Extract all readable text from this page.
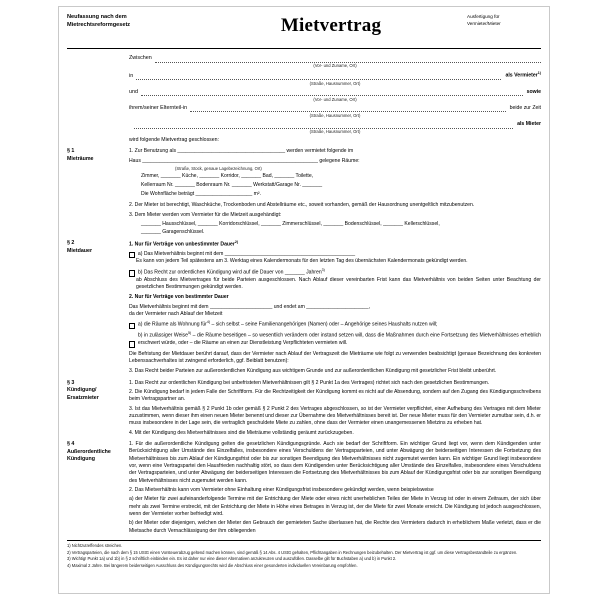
Neufassung nach dem
Mietrechtsreformgesetz	Mietvertrag	Ausfertigung für
Vermieter/Mieter

Zwischen
(Vor- und Zuname, Ort)
in	als Vermieter$^{1)}$
(Straße, Hausnummer, Ort)
und	sowie
(Vor- und Zuname, Ort)
ihrem/seiner Elternteil-in	beide zur Zeit
(Straße, Hausnummer, Ort)

als Mieter
(Straße, Hausnummer, Ort)
wird folgende Mietvertrag geschlossen:
§ 1
Mieträume
1. Zur Benutzung als ______________________________________ werden vermietet folgende im
Haus ______________________________________________________________ gelegene Räume:
(Straße, Stock, genaue Lagebezeichnung, Ort)
Zimmer, _______ Küche, _______ Korridor, _______ Bad, _______ Toilette,
Kellerraum Nr. _______ Bodenraum Nr. _______ Werkstatt/Garage Nr. _______
Die Wohnfläche beträgt ____________________ m².
2. Der Mieter ist berechtigt, Waschküche, Trockenboden und Abstellräume etc., soweit vorhanden, gemäß der Hausordnung unentgeltlich mitzubenutzen.
3. Dem Mieter werden vom Vermieter für die Mietzeit ausgehändigt:
_______ Hausschlüssel, _______ Korridorschlüssel, _______ Zimmerschlüssel, _______ Bodenschlüssel, _______ Kellerschlüssel,
_______ Garagenschlüssel.
§ 2
Mietdauer
1. Nur für Verträge von unbestimmter Dauer$^{2)}$
a) Das Mietverhältnis beginnt mit dem ______________________________________________
Es kann von jedem Teil spätestens am 3. Werktag eines Kalendermonats für den letzten Tag des übernächsten Kalendermonats gekündigt werden.
b) Das Recht zur ordentlichen Kündigung wird auf die Dauer von _______ Jahren$^{3)}$
ab Abschluss des Mietvertrages für beide Parteien ausgeschlossen. Nach Ablauf dieser vereinbarten Frist kann das Mietverhältnis von beiden Seiten unter Beachtung der gesetzlichen Bestimmungen gekündigt werden.
2. Nur für Verträge von bestimmter Dauer
Das Mietverhältnis beginnt mit dem ______________________ und endet am ______________________,
da der Vermieter nach Ablauf der Mietzeit
a) die Räume als Wohnung für$^{4)}$ – sich selbst – seine Familienangehörigen (Namen) oder – Angehörige seines Haushalts nutzen will;
b) in zulässiger Weise$^{5)}$ – die Räume beseitigen – so wesentlich verändern oder instand setzen will, dass die Maßnahmen durch eine Fortsetzung des Mietverhältnisses erheblich erschwert würde, oder – die Räume an einen zur Dienstleistung Verpflichteten vermieten will.
Die Befristung der Mietdauer berührt darauf, dass der Vermieter nach Ablauf der Vertragszeit die Mieträume wie folgt zu verwenden beabsichtigt (genaue Bezeichnung des konkreten Lebenssachverhaltes ist zwingend erforderlich, ggf. Beiblatt benutzen):
3. Das Recht beider Parteien zur außerordentlichen Kündigung aus wichtigem Grunde und zur außerordentlichen Kündigung mit gesetzlicher Frist bleibt unberührt.
§ 3
Kündigung/
Ersatzmieter
1. Das Recht zur ordentlichen Kündigung bei unbefristeten Mietverhältnissen gilt § 2 Punkt 1a des Vertrages) richtet sich nach den gesetzlichen Bestimmungen.
2. Die Kündigung bedarf in jedem Falle der Schriftform. Für die Rechtzeitigkeit der Kündigung kommt es nicht auf die Absendung, sondern auf den Zugang des Kündigungsschreibens beim Vertragspartner an.
3. Ist das Mietverhältnis gemäß § 2 Punkt 1b oder gemäß § 2 Punkt 2 des Vertrages abgeschlossen, so ist der Vermieter verpflichtet, einer Aufhebung des Vertrages mit dem Mieter zuzustimmen, wenn dieser ihm einen neuen Mieter benennt und dieser zur Übernahme des Mietverhältnisses bereit ist. Der neue Mieter muss für den Vermieter zumutbar sein, d.h. er muss insbesondere in der Lage sein, die vertraglich geschuldete Miete zu zahlen, ohne dass der Vermieter einen unangemessenen Mietzins zu erheben hat.
4. Mit der Kündigung des Mietverhältnisses sind die Mieträume vollständig geräumt zurückzugeben.
§ 4
Außerordentliche
Kündigung
1. Für die außerordentliche Kündigung gelten die gesetzlichen Kündigungsgründe. Auch sie bedarf der Schriftform. Ein wichtiger Grund liegt vor, wenn dem Kündigenden unter Berücksichtigung aller Umstände des Einzelfalles, insbesondere eines Verschuldens der Vertragsparteien, und unter Abwägung der beiderseitigen Interessen die Fortsetzung des Mietverhältnisses bis zum Ablauf der Kündigungsfrist oder bis zur sonstigen Beendigung des Mietverhältnisses nicht zugemutet werden kann. Ein wichtiger Grund liegt insbesondere vor, wenn eine Vertragspartei den Hausfrieden nachhaltig stört, so dass dem Kündigenden unter Berücksichtigung aller Umstände des Einzelfalles, insbesondere eines Verschuldens der Vertragsparteien, und unter Abwägung der beiderseitigen Interessen die Fortsetzung des Mietverhältnisses bis zum Ablauf der Kündigungsfrist oder bis zur sonstigen Beendigung des Mietverhältnisses nicht zugemutet werden kann.
2. Das Mietverhältnis kann vom Vermieter ohne Einhaltung einer Kündigungsfrist insbesondere gekündigt werden, wenn beispielsweise
a) der Mieter für zwei aufeinanderfolgende Termine mit der Entrichtung der Miete oder eines nicht unerheblichen Teiles der Miete in Verzug ist oder in einem Zeitraum, der sich über mehr als zwei Termine erstreckt, mit der Entrichtung der Miete in Höhe eines Betrages in Verzug ist, der die Miete für zwei Monate erreicht. Die Kündigung ist jedoch ausgeschlossen, wenn der Vermieter vorher befriedigt wird.
b) der Mieter oder diejenigen, welchen der Mieter den Gebrauch der gemieteten Sache überlassen hat, die Rechte des Vermieters dadurch in erheblichem Maße verletzt, dass er die Mietsache durch Vernachlässigung der ihm obliegenden
1) Nichtzutreffendes streichen.
2) Vertragsparteien, die nach dem § 15 UStG einen Vorsteuerabzug geltend machen können, sind gemäß § 14 Abs. 4 UStG gehalten, Pflichtangaben in Rechnungen beizubehalten. Der Mietvertrag ist ggf. um diese Vertragsbestandteile zu ergänzen.
3) Wichtig! Punkt 1a) und 1b) in § 2 schriftlich einbinden ein. Es ist daher nur eine dieser Alternativen anzukreuzen und auszufüllen. Dasselbe gilt für Buchstaben a) und b) in Punkt 2.
4) Maximal 2 Jahre. Bei längerem beiderseitigen Ausschluss des Kündigungsrechts wird die Abschluss einer gesonderten individuellen Vereinbarung empfohlen.
